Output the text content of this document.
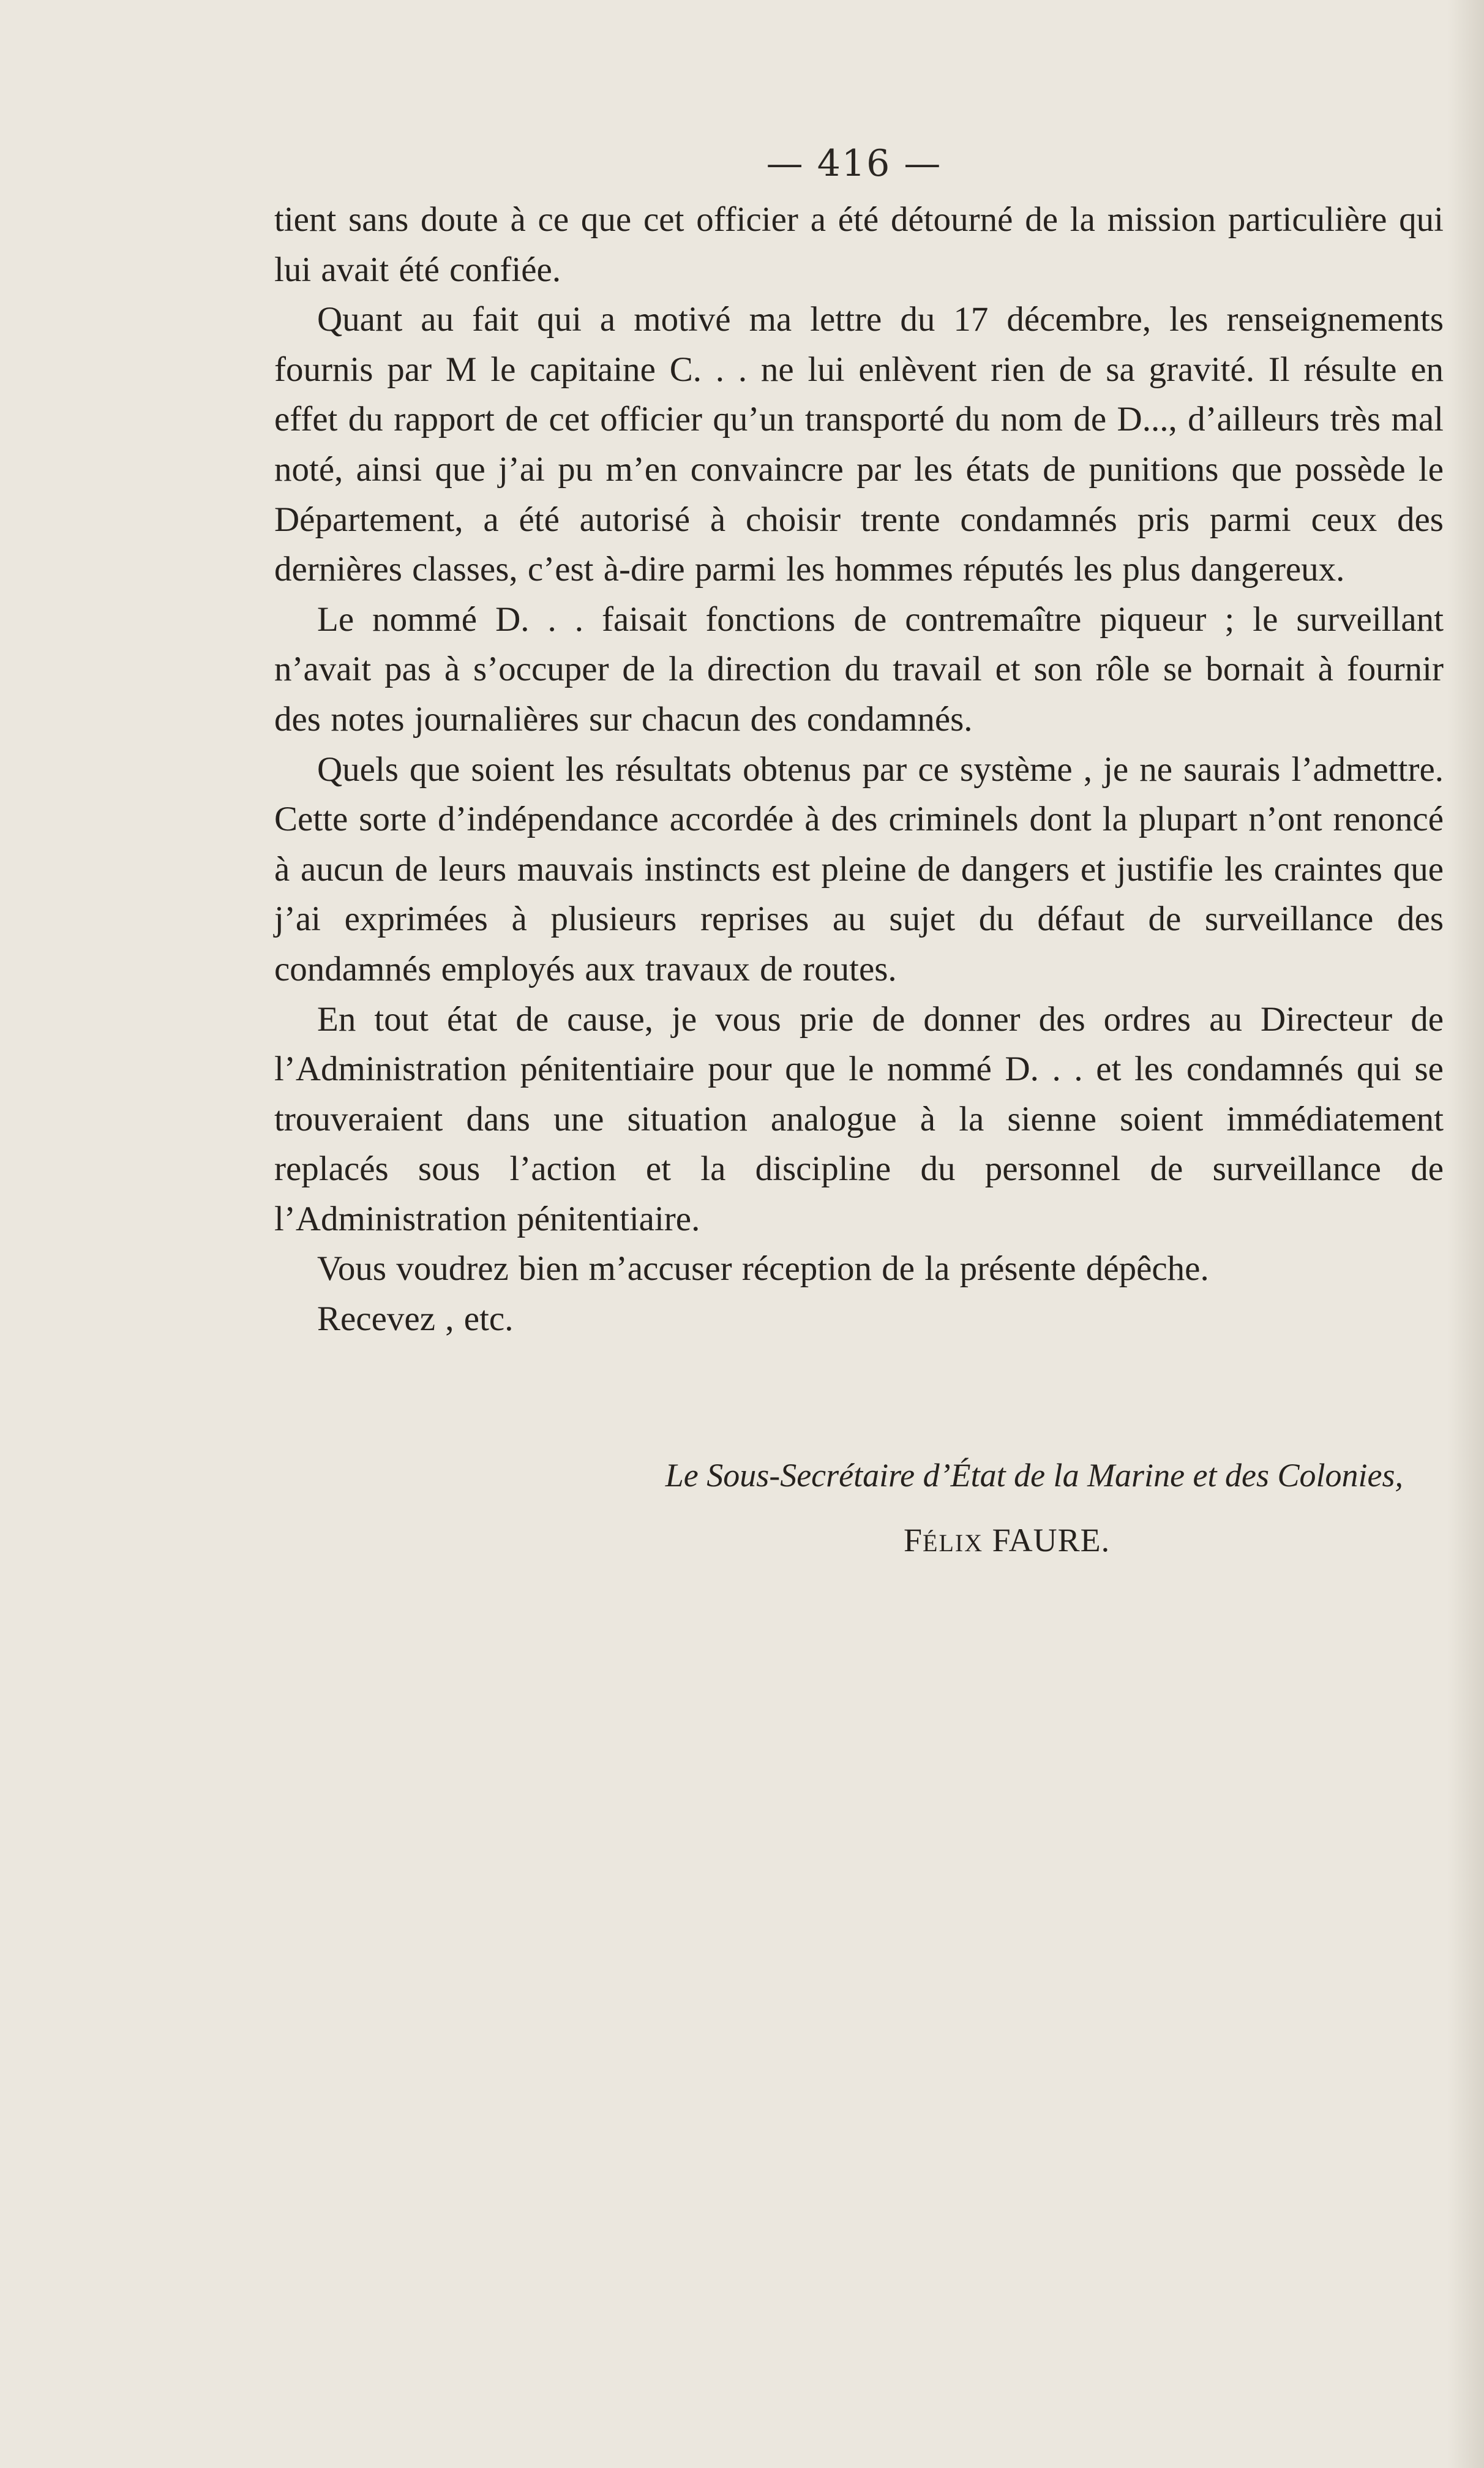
— 416 —

tient sans doute à ce que cet officier a été détourné de la mission particulière qui lui avait été confiée.

Quant au fait qui a motivé ma lettre du 17 décembre, les renseignements fournis par M le capitaine C. . . ne lui enlèvent rien de sa gravité. Il résulte en effet du rapport de cet officier qu’un transporté du nom de D..., d’ailleurs très mal noté, ainsi que j’ai pu m’en convaincre par les états de punitions que possède le Département, a été autorisé à choisir trente condamnés pris parmi ceux des dernières classes, c’est à-dire parmi les hommes réputés les plus dangereux.

Le nommé D. . . faisait fonctions de contremaître piqueur ; le surveillant n’avait pas à s’occuper de la direction du travail et son rôle se bornait à fournir des notes journalières sur chacun des condamnés.

Quels que soient les résultats obtenus par ce système , je ne saurais l’admettre. Cette sorte d’indépendance accordée à des criminels dont la plupart n’ont renoncé à aucun de leurs mauvais instincts est pleine de dangers et justifie les craintes que j’ai exprimées à plusieurs reprises au sujet du défaut de surveillance des condamnés employés aux travaux de routes.

En tout état de cause, je vous prie de donner des ordres au Directeur de l’Administration pénitentiaire pour que le nommé D. . . et les condamnés qui se trouveraient dans une situation analogue à la sienne soient immédiatement replacés sous l’action et la discipline du personnel de surveillance de l’Administration pénitentiaire.

Vous voudrez bien m’accuser réception de la présente dépêche.

Recevez , etc.

Le Sous-Secrétaire d’État de la Marine et des Colonies,
FÉLIX FAURE.
